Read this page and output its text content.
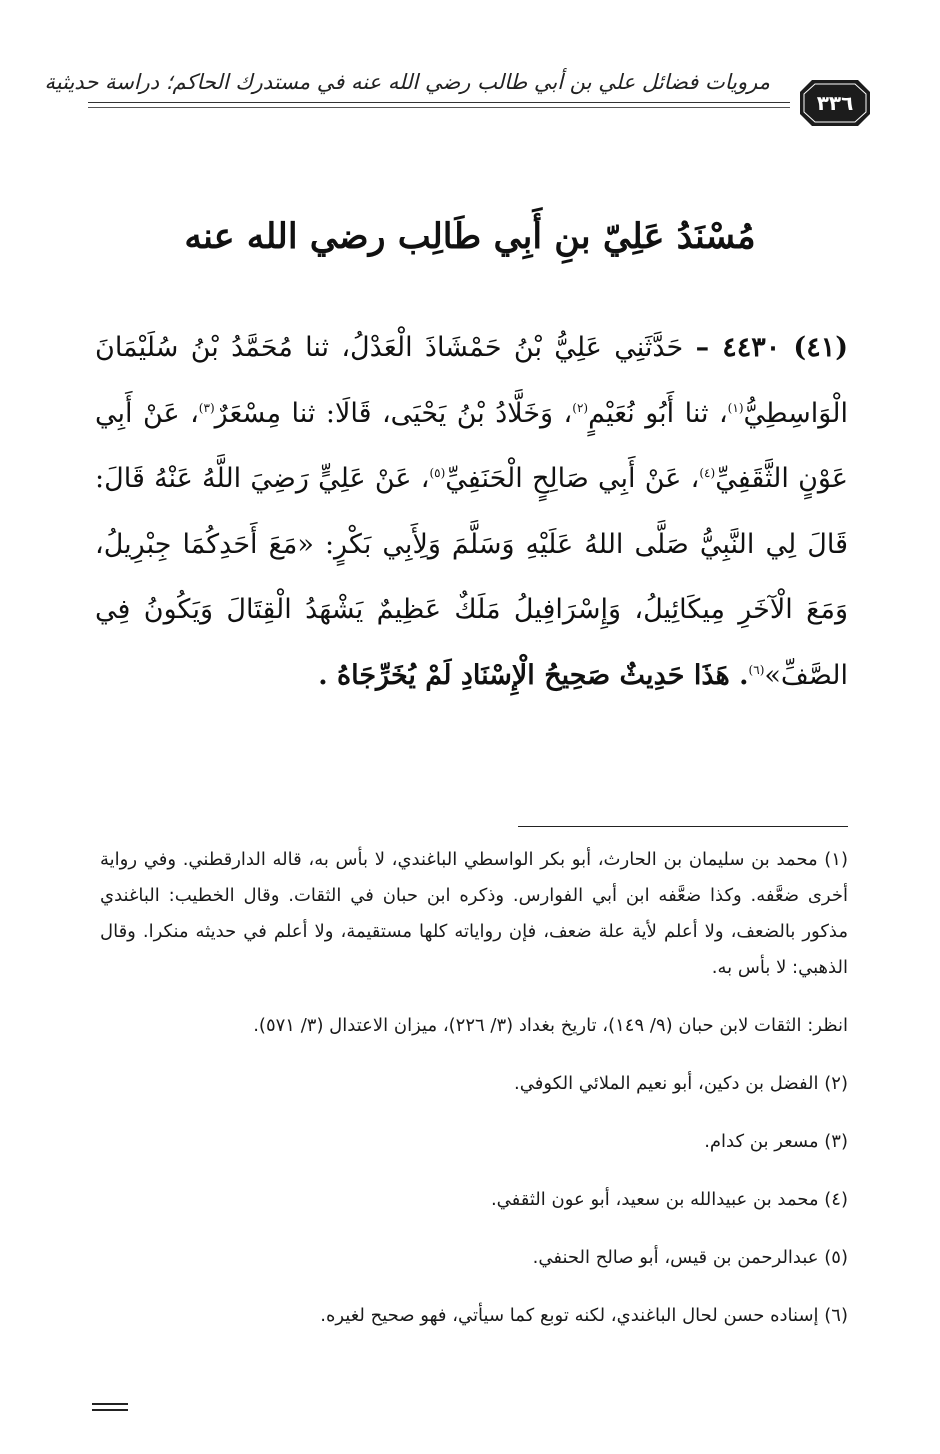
مرويات فضائل علي بن أبي طالب رضي الله عنه في مستدرك الحاكم؛ دراسة حديثية
٣٣٦
مُسْنَدُ عَلِيّ بنِ أَبِي طَالِب رضي الله عنه
(٤١) ٤٤٣٠ – حَدَّثَنِي عَلِيُّ بْنُ حَمْشَاذَ الْعَدْلُ، ثنا مُحَمَّدُ بْنُ سُلَيْمَانَ الْوَاسِطِيُّ$^{(١)}$، ثنا أَبُو نُعَيْمٍ$^{(٢)}$، وَخَلَّادُ بْنُ يَحْيَى، قَالَا: ثنا مِسْعَرٌ$^{(٣)}$، عَنْ أَبِي عَوْنٍ الثَّقَفِيِّ$^{(٤)}$، عَنْ أَبِي صَالِحٍ الْحَنَفِيِّ$^{(٥)}$، عَنْ عَلِيٍّ رَضِيَ اللَّهُ عَنْهُ قَالَ: قَالَ لِي النَّبِيُّ صَلَّى اللهُ عَلَيْهِ وَسَلَّمَ وَلِأَبِي بَكْرٍ: «مَعَ أَحَدِكُمَا جِبْرِيلُ، وَمَعَ الْآخَرِ مِيكَائِيلُ، وَإِسْرَافِيلُ مَلَكٌ عَظِيمٌ يَشْهَدُ الْقِتَالَ وَيَكُونُ فِي الصَّفِّ»$^{(٦)}$. هَذَا حَدِيثٌ صَحِيحُ الْإِسْنَادِ لَمْ يُخَرِّجَاهُ .
(١) محمد بن سليمان بن الحارث، أبو بكر الواسطي الباغندي، لا بأس به، قاله الدارقطني. وفي رواية أخرى ضعَّفه. وكذا ضعَّفه ابن أبي الفوارس. وذكره ابن حبان في الثقات. وقال الخطيب: الباغندي مذكور بالضعف، ولا أعلم لأية علة ضعف، فإن رواياته كلها مستقيمة، ولا أعلم في حديثه منكرا. وقال الذهبي: لا بأس به.
انظر: الثقات لابن حبان (٩/ ١٤٩)، تاريخ بغداد (٣/ ٢٢٦)، ميزان الاعتدال (٣/ ٥٧١).
(٢) الفضل بن دكين، أبو نعيم الملائي الكوفي.
(٣) مسعر بن كدام.
(٤) محمد بن عبيدالله بن سعيد، أبو عون الثقفي.
(٥) عبدالرحمن بن قيس، أبو صالح الحنفي.
(٦) إسناده حسن لحال الباغندي، لكنه توبع كما سيأتي، فهو صحيح لغيره.
